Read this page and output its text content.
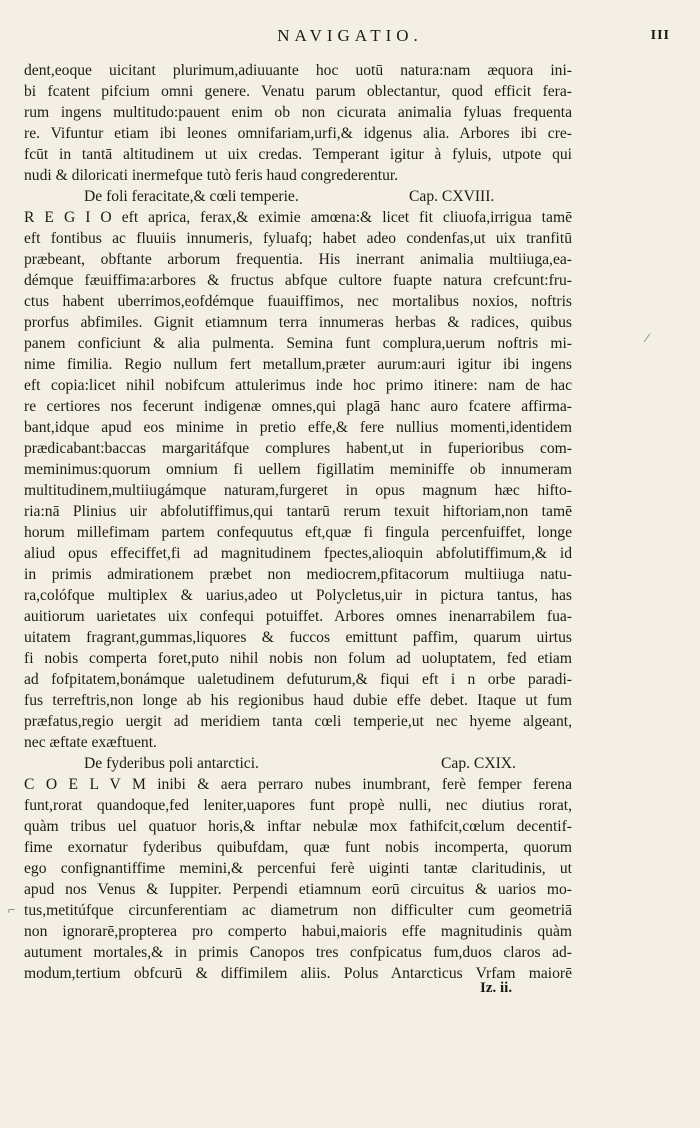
NAVIGATIO.	III
dent,eoque uicitant plurimum,adiuuante hoc uotū natura:nam æquora ini-
bi fcatent pifcium omni genere. Venatu parum oblectantur, quod efficit fera-
rum ingens multitudo:pauent enim ob non cicurata animalia fyluas frequenta
re. Vifuntur etiam ibi leones omnifariam,urfi,& idgenus alia. Arbores ibi cre-
fcūt in tantā altitudinem ut uix credas. Temperant igitur à fyluis, utpote qui
nudi & diloricati inermefque tutò feris haud congrederentur.
De foli feracitate,& cœli temperie.	Cap. CXVIII.
R E G I O eft aprica, ferax,& eximie amœna:& licet fit cliuofa,irrigua tamē
eft fontibus ac fluuiis innumeris, fyluafq; habet adeo condenfas,ut uix tranfitū
præbeant, obftante arborum frequentia. His inerrant animalia multiiuga,ea-
démque fæuiffima:arbores & fructus abfque cultore fuapte natura crefcunt:fru-
ctus habent uberrimos,eofdémque fuauiffimos, nec mortalibus noxios, noftris
prorfus abfimiles. Gignit etiamnum terra innumeras herbas & radices, quibus
panem conficiunt & alia pulmenta. Semina funt complura,uerum noftris mi-
nime fimilia. Regio nullum fert metallum,præter aurum:auri igitur ibi ingens
eft copia:licet nihil nobifcum attulerimus inde hoc primo itinere: nam de hac
re certiores nos fecerunt indigenæ omnes,qui plagā hanc auro fcatere affirma-
bant,idque apud eos minime in pretio effe,& fere nullius momenti,identidem
prædicabant:baccas margaritáfque complures habent,ut in fuperioribus com-
meminimus:quorum omnium fi uellem figillatim meminiffe ob innumeram
multitudinem,multiiugámque naturam,furgeret in opus magnum hæc hifto-
ria:nā Plinius uir abfolutiffimus,qui tantarū rerum texuit hiftoriam,non tamē
horum millefimam partem confequutus eft,quæ fi fingula percenfuiffet, longe
aliud opus effeciffet,fi ad magnitudinem fpectes,alioquin abfolutiffimum,& id
in primis admirationem præbet non mediocrem,pfitacorum multiiuga natu-
ra,colófque multiplex & uarius,adeo ut Polycletus,uir in pictura tantus, has
auitiorum uarietates uix confequi potuiffet. Arbores omnes inenarrabilem fua-
uitatem fragrant,gummas,liquores & fuccos emittunt paffim, quarum uirtus
fi nobis comperta foret,puto nihil nobis non folum ad uoluptatem, fed etiam
ad fofpitatem,bonámque ualetudinem defuturum,& fiqui eft i n orbe paradi-
fus terreftris,non longe ab his regionibus haud dubie effe debet. Itaque ut fum
præfatus,regio uergit ad meridiem tanta cœli temperie,ut nec hyeme algeant,
nec æftate exæftuent.
De fyderibus poli antarctici.	Cap. CXIX.
C O E L V M inibi & aera perraro nubes inumbrant, ferè femper ferena
funt,rorat quandoque,fed leniter,uapores funt propè nulli, nec diutius rorat,
quàm tribus uel quatuor horis,& inftar nebulæ mox fathifcit,cœlum decentif-
fime exornatur fyderibus quibufdam, quæ funt nobis incomperta, quorum
ego confignantiffime memini,& percenfui ferè uiginti tantæ claritudinis, ut
apud nos Venus & Iuppiter. Perpendi etiamnum eorū circuitus & uarios mo-
tus,metitúfque circunferentiam ac diametrum non difficulter cum geometriā
non ignorarē,propterea pro comperto habui,maioris effe magnitudinis quàm
autument mortales,& in primis Canopos tres confpicatus fum,duos claros ad-
modum,tertium obfcurū & diffimilem aliis. Polus Antarcticus Vrfam maiorē
⁄
⌐
Iz. ii.
